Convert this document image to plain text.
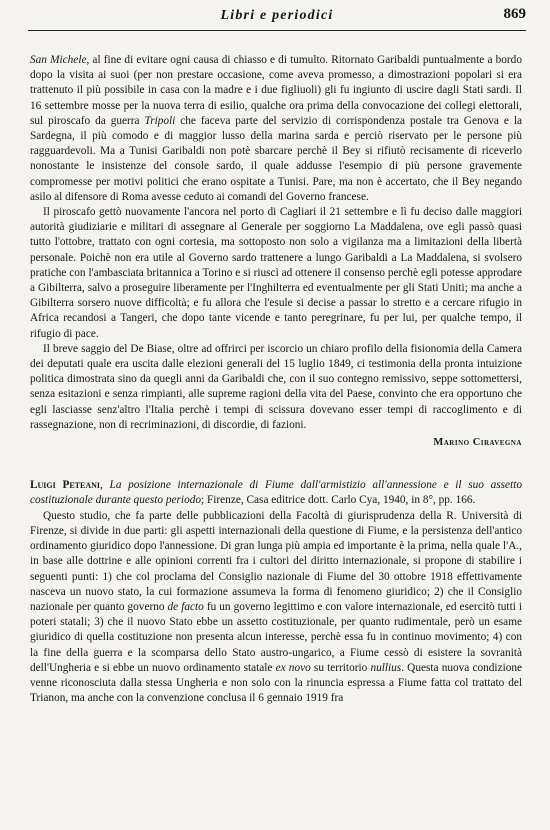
Libri e periodici	869

San Michele, al fine di evitare ogni causa di chiasso e di tumulto. Ritornato Garibaldi puntualmente a bordo dopo la visita ai suoi (per non prestare occasione, come aveva promesso, a dimostrazioni popolari si era trattenuto il più possibile in casa con la madre e i due figliuoli) gli fu ingiunto di uscire dagli Stati sardi. Il 16 settembre mosse per la nuova terra di esilio, qualche ora prima della convocazione dei collegi elettorali, sul piroscafo da guerra Tripoli che faceva parte del servizio di corrispondenza postale tra Genova e la Sardegna, il più comodo e di maggior lusso della marina sarda e perciò riservato per le persone più ragguardevoli. Ma a Tunisi Garibaldi non potè sbarcare perchè il Bey si rifiutò recisamente di riceverlo nonostante le insistenze del console sardo, il quale addusse l'esempio di più persone gravemente compromesse per motivi politici che erano ospitate a Tunisi. Pare, ma non è accertato, che il Bey negando asilo al difensore di Roma avesse ceduto ai comandi del Governo francese.

Il piroscafo gettò nuovamente l'ancora nel porto di Cagliari il 21 settembre e lì fu deciso dalle maggiori autorità giudiziarie e militari di assegnare al Generale per soggiorno La Maddalena, ove egli passò quasi tutto l'ottobre, trattato con ogni cortesia, ma sottoposto non solo a vigilanza ma a limitazioni della libertà personale. Poichè non era utile al Governo sardo trattenere a lungo Garibaldi a La Maddalena, si svolsero pratiche con l'ambasciata britannica a Torino e si riuscì ad ottenere il consenso perchè egli potesse approdare a Gibilterra, salvo a proseguire liberamente per l'Inghilterra ed eventualmente per gli Stati Uniti; ma anche a Gibilterra sorsero nuove difficoltà; e fu allora che l'esule si decise a passar lo stretto e a cercare rifugio in Africa recandosi a Tangeri, che dopo tante vicende e tanto peregrinare, fu per lui, per qualche tempo, il rifugio di pace.

Il breve saggio del De Biase, oltre ad offrirci per iscorcio un chiaro profilo della fisionomia della Camera dei deputati quale era uscita dalle elezioni generali del 15 luglio 1849, ci testimonia della pronta intuizione politica dimostrata sino da quegli anni da Garibaldi che, con il suo contegno remissivo, seppe sottomettersi, senza esitazioni e senza rimpianti, alle supreme ragioni della vita del Paese, convinto che era opportuno che egli lasciasse senz'altro l'Italia perchè i tempi di scissura dovevano esser tempi di raccoglimento e di rassegnazione, non di recriminazioni, di discordie, di fazioni.

Marino Ciravegna

Luigi Peteani, La posizione internazionale di Fiume dall'armistizio all'annessione e il suo assetto costituzionale durante questo periodo; Firenze, Casa editrice dott. Carlo Cya, 1940, in 8°, pp. 166.

Questo studio, che fa parte delle pubblicazioni della Facoltà di giurisprudenza della R. Università di Firenze, si divide in due parti: gli aspetti internazionali della questione di Fiume, e la persistenza dell'antico ordinamento giuridico dopo l'annessione. Di gran lunga più ampia ed importante è la prima, nella quale l'A., in base alle dottrine e alle opinioni correnti fra i cultori del diritto internazionale, si propone di stabilire i seguenti punti: 1) che col proclama del Consiglio nazionale di Fiume del 30 ottobre 1918 effettivamente nasceva un nuovo stato, la cui formazione assumeva la forma di fenomeno giuridico; 2) che il Consiglio nazionale per quanto governo de facto fu un governo legittimo e con valore internazionale, ed esercitò tutti i poteri statali; 3) che il nuovo Stato ebbe un assetto costituzionale, per quanto rudimentale, però un esame giuridico di quella costituzione non presenta alcun interesse, perchè essa fu in continuo movimento; 4) con la fine della guerra e la scomparsa dello Stato austro-ungarico, a Fiume cessò di esistere la sovranità dell'Ungheria e si ebbe un nuovo ordinamento statale ex novo su territorio nullius. Questa nuova condizione venne riconosciuta dalla stessa Ungheria e non solo con la rinuncia espressa a Fiume fatta col trattato del Trianon, ma anche con la convenzione conclusa il 6 gennaio 1919 fra
